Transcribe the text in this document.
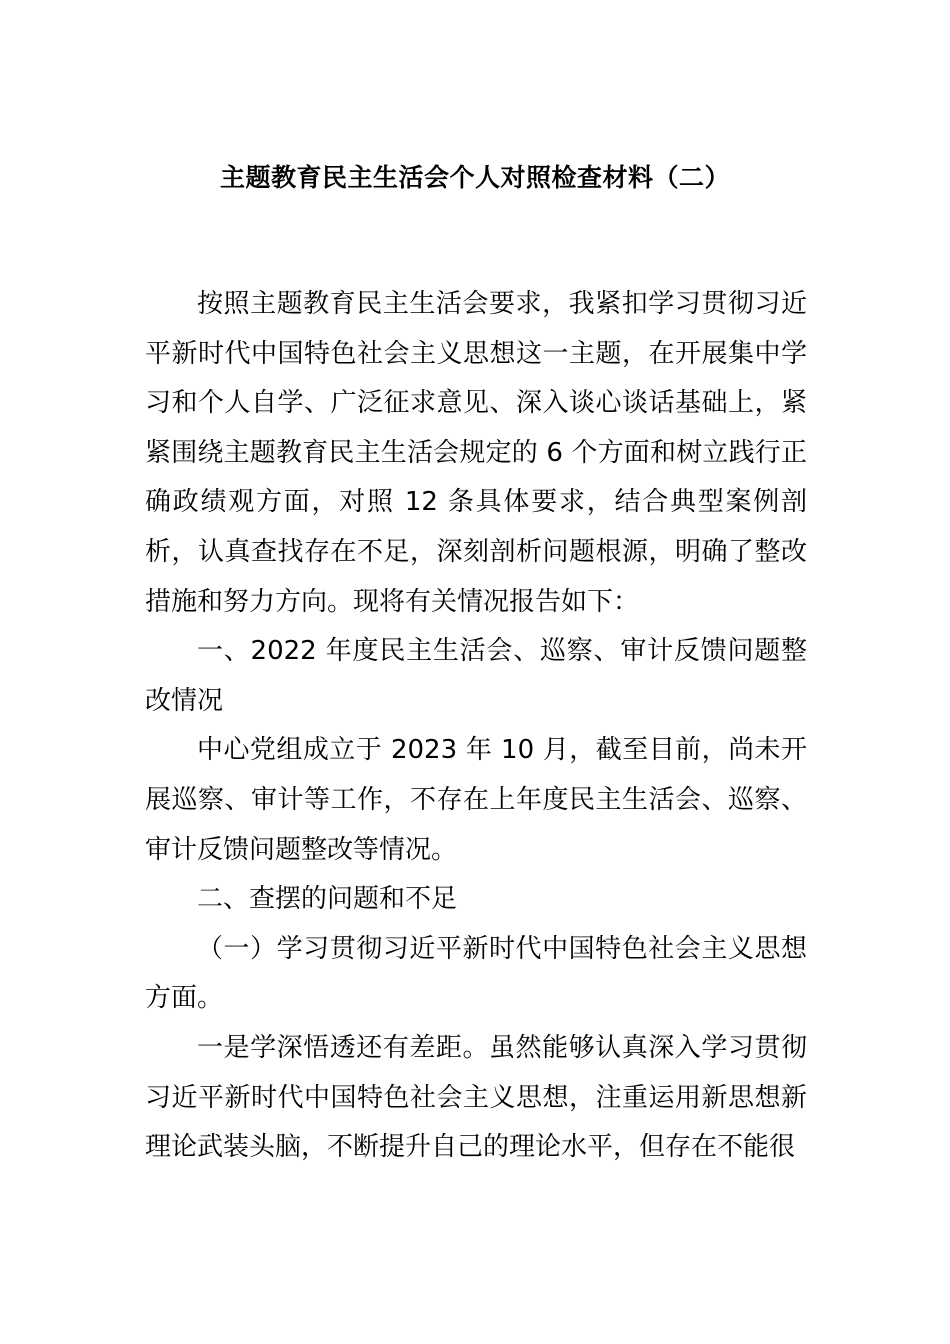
主题教育民主生活会个人对照检查材料（二）

按照主题教育民主生活会要求，我紧扣学习贯彻习近平新时代中国特色社会主义思想这一主题，在开展集中学习和个人自学、广泛征求意见、深入谈心谈话基础上，紧紧围绕主题教育民主生活会规定的 6 个方面和树立践行正确政绩观方面，对照 12 条具体要求，结合典型案例剖析，认真查找存在不足，深刻剖析问题根源，明确了整改措施和努力方向。现将有关情况报告如下：

一、2022 年度民主生活会、巡察、审计反馈问题整改情况

中心党组成立于 2023 年 10 月，截至目前，尚未开展巡察、审计等工作，不存在上年度民主生活会、巡察、审计反馈问题整改等情况。

二、查摆的问题和不足

（一）学习贯彻习近平新时代中国特色社会主义思想方面。

一是学深悟透还有差距。虽然能够认真深入学习贯彻习近平新时代中国特色社会主义思想，注重运用新思想新理论武装头脑，不断提升自己的理论水平，但存在不能很
